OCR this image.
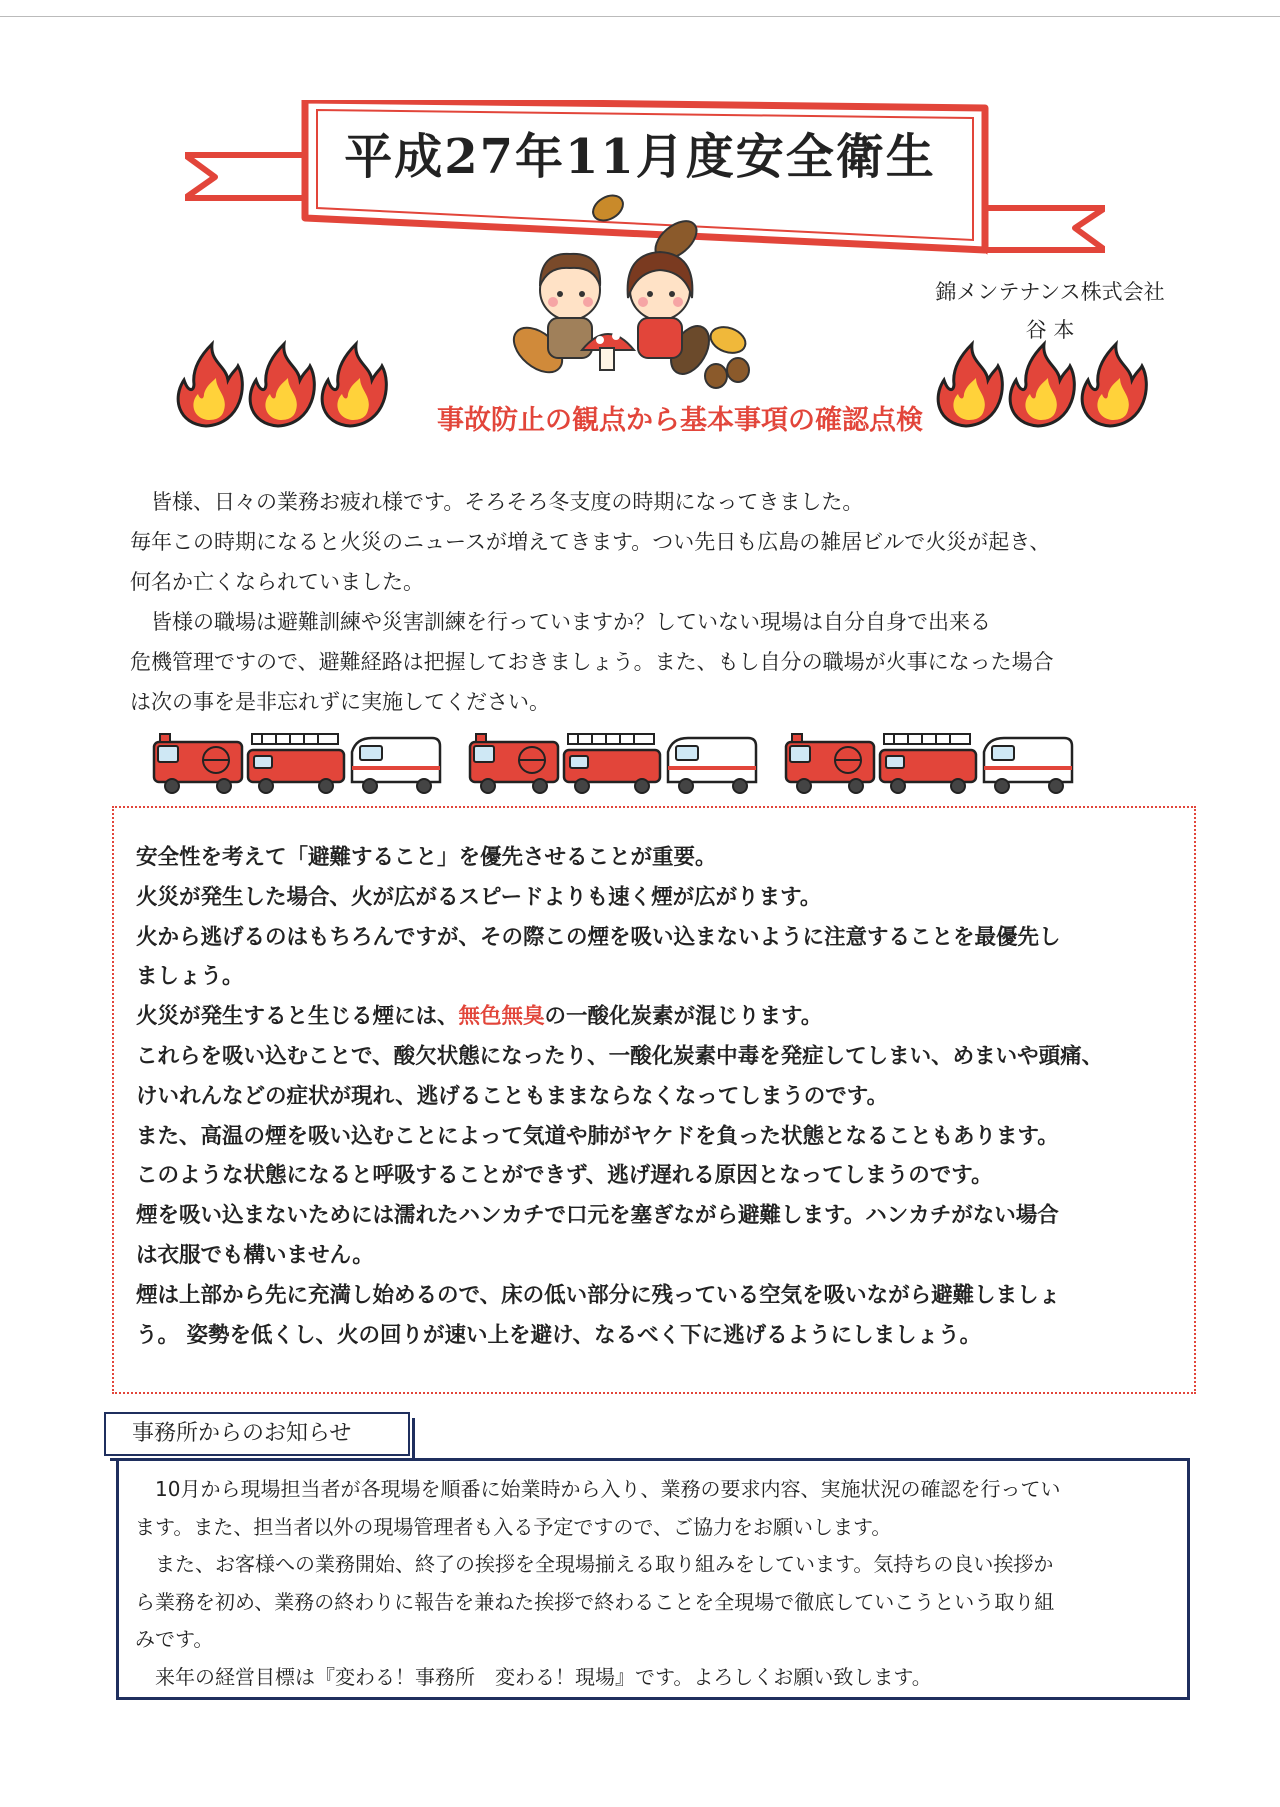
平成27年11月度安全衛生
錦メンテナンス株式会社
谷 本
事故防止の観点から基本事項の確認点検

　皆様、日々の業務お疲れ様です。そろそろ冬支度の時期になってきました。

毎年この時期になると火災のニュースが増えてきます。つい先日も広島の雑居ビルで火災が起き、

何名か亡くなられていました。

　皆様の職場は避難訓練や災害訓練を行っていますか？していない現場は自分自身で出来る

危機管理ですので、避難経路は把握しておきましょう。また、もし自分の職場が火事になった場合

は次の事を是非忘れずに実施してください。

安全性を考えて「避難すること」を優先させることが重要。

火災が発生した場合、火が広がるスピードよりも速く煙が広がります。

火から逃げるのはもちろんですが、その際この煙を吸い込まないように注意することを最優先し

ましょう。

火災が発生すると生じる煙には、無色無臭の一酸化炭素が混じります。

これらを吸い込むことで、酸欠状態になったり、一酸化炭素中毒を発症してしまい、めまいや頭痛、

けいれんなどの症状が現れ、逃げることもままならなくなってしまうのです。

また、高温の煙を吸い込むことによって気道や肺がヤケドを負った状態となることもあります。

このような状態になると呼吸することができず、逃げ遅れる原因となってしまうのです。

煙を吸い込まないためには濡れたハンカチで口元を塞ぎながら避難します。ハンカチがない場合

は衣服でも構いません。

煙は上部から先に充満し始めるので、床の低い部分に残っている空気を吸いながら避難しましょ

う。 姿勢を低くし、火の回りが速い上を避け、なるべく下に逃げるようにしましょう。

　10月から現場担当者が各現場を順番に始業時から入り、業務の要求内容、実施状況の確認を行ってい

ます。また、担当者以外の現場管理者も入る予定ですので、ご協力をお願いします。

　また、お客様への業務開始、終了の挨拶を全現場揃える取り組みをしています。気持ちの良い挨拶か

ら業務を初め、業務の終わりに報告を兼ねた挨拶で終わることを全現場で徹底していこうという取り組

みです。

　来年の経営目標は『変わる！事務所　変わる！現場』です。よろしくお願い致します。

事務所からのお知らせ
